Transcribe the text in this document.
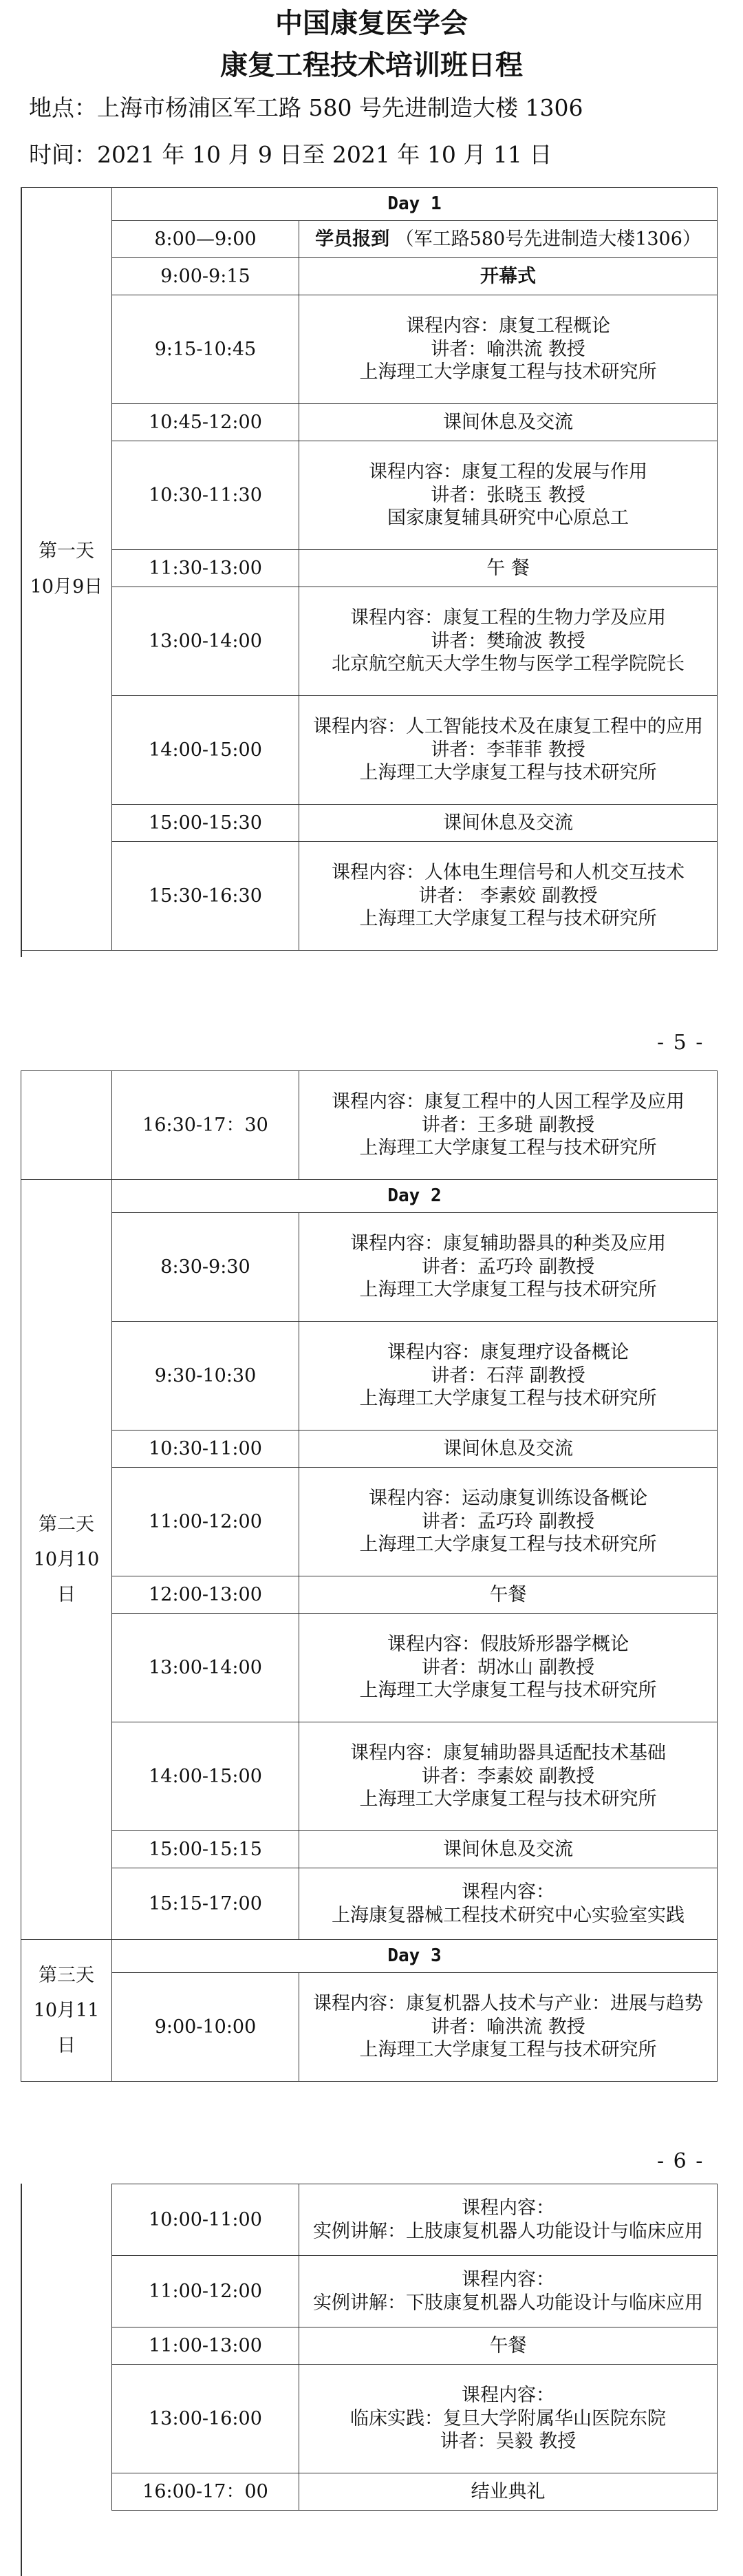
中国康复医学会
康复工程技术培训班日程
地点：上海市杨浦区军工路 580 号先进制造大楼 1306
时间：2021 年 10 月 9 日至 2021 年 10 月 11 日
第一天
10月9日	Day 1	
	8:00—9:00	学员报到 （军工路580号先进制造大楼1306）

	9:00-9:15	开幕式

	9:15-10:45	课程内容：康复工程概论
讲者：喻洪流 教授
上海理工大学康复工程与技术研究所

	10:45-12:00	课间休息及交流

	10:30-11:30	课程内容：康复工程的发展与作用
讲者：张晓玉 教授
国家康复辅具研究中心原总工

	11:30-13:00	午 餐

	13:00-14:00	课程内容：康复工程的生物力学及应用
讲者：樊瑜波 教授
北京航空航天大学生物与医学工程学院院长

	14:00-15:00	课程内容：人工智能技术及在康复工程中的应用
讲者：李菲菲 教授
上海理工大学康复工程与技术研究所

	15:00-15:30	课间休息及交流

	15:30-16:30	课程内容：人体电生理信号和人机交互技术
讲者： 李素姣 副教授
上海理工大学康复工程与技术研究所
- 5 -
	16:30-17：30	课程内容：康复工程中的人因工程学及应用
讲者：王多琎 副教授
上海理工大学康复工程与技术研究所

第二天
10月10
日	Day 2	
	8:30-9:30	课程内容：康复辅助器具的种类及应用
讲者：孟巧玲 副教授
上海理工大学康复工程与技术研究所

	9:30-10:30	课程内容：康复理疗设备概论
讲者：石萍 副教授
上海理工大学康复工程与技术研究所

	10:30-11:00	课间休息及交流

	11:00-12:00	课程内容：运动康复训练设备概论
讲者：孟巧玲 副教授
上海理工大学康复工程与技术研究所

	12:00-13:00	午餐

	13:00-14:00	课程内容：假肢矫形器学概论
讲者：胡冰山 副教授
上海理工大学康复工程与技术研究所

	14:00-15:00	课程内容：康复辅助器具适配技术基础
讲者：李素姣 副教授
上海理工大学康复工程与技术研究所

	15:00-15:15	课间休息及交流

	15:15-17:00	课程内容：
上海康复器械工程技术研究中心实验室实践

第三天
10月11
日	Day 3	
	9:00-10:00	课程内容：康复机器人技术与产业：进展与趋势
讲者：喻洪流 教授
上海理工大学康复工程与技术研究所
- 6 -
	10:00-11:00	课程内容：
实例讲解：上肢康复机器人功能设计与临床应用

	11:00-12:00	课程内容：
实例讲解：下肢康复机器人功能设计与临床应用

	11:00-13:00	午餐

	13:00-16:00	课程内容：
临床实践：复旦大学附属华山医院东院
讲者：吴毅 教授

	16:00-17：00	结业典礼
